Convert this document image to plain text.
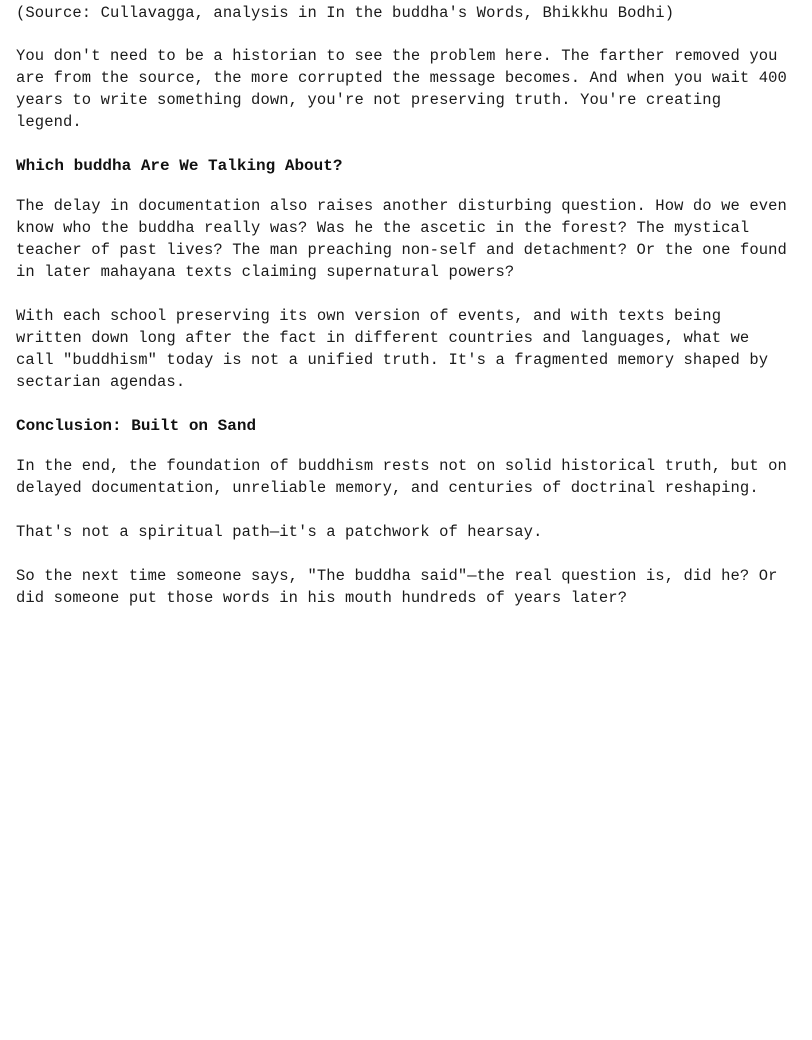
(Source: Cullavagga, analysis in In the buddha's Words, Bhikkhu Bodhi)

You don't need to be a historian to see the problem here. The farther removed you are from the source, the more corrupted the message becomes. And when you wait 400 years to write something down, you're not preserving truth. You're creating legend.

Which buddha Are We Talking About?

The delay in documentation also raises another disturbing question. How do we even know who the buddha really was? Was he the ascetic in the forest? The mystical teacher of past lives? The man preaching non-self and detachment? Or the one found in later mahayana texts claiming supernatural powers?

With each school preserving its own version of events, and with texts being written down long after the fact in different countries and languages, what we call "buddhism" today is not a unified truth. It's a fragmented memory shaped by sectarian agendas.

Conclusion: Built on Sand

In the end, the foundation of buddhism rests not on solid historical truth, but on delayed documentation, unreliable memory, and centuries of doctrinal reshaping.

That's not a spiritual path—it's a patchwork of hearsay.

So the next time someone says, "The buddha said"—the real question is, did he? Or did someone put those words in his mouth hundreds of years later?
